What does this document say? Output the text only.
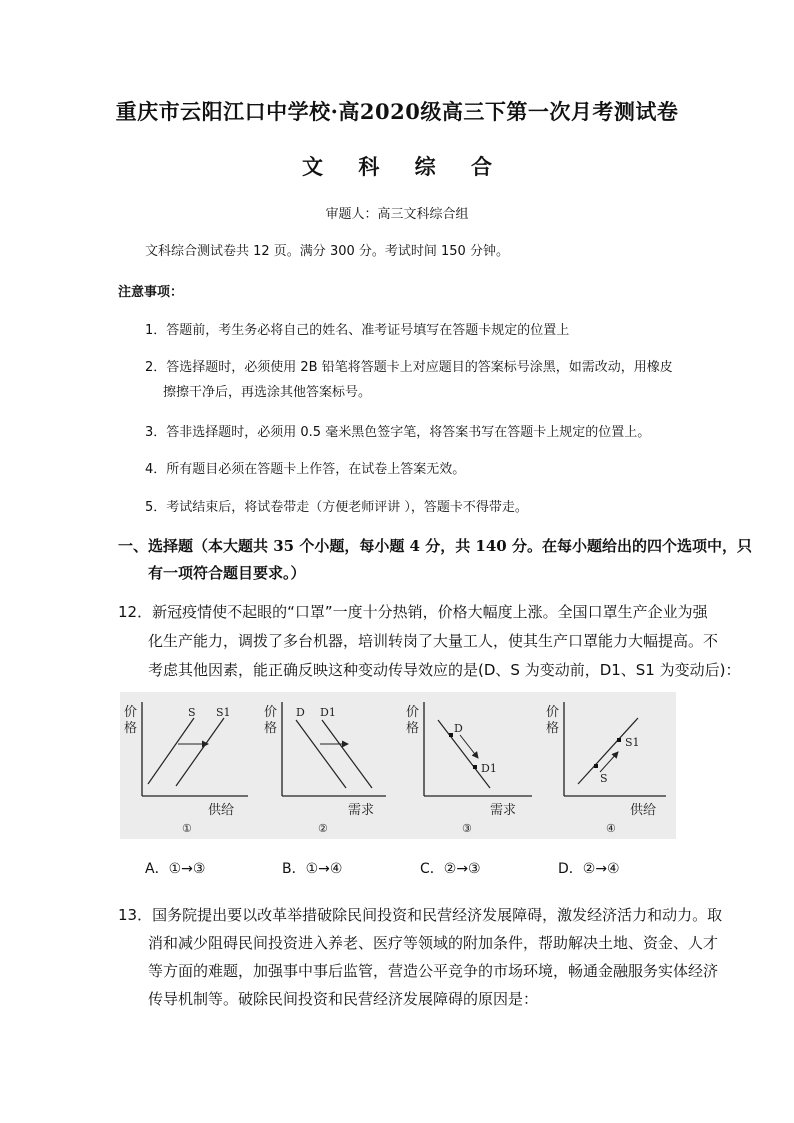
重庆市云阳江口中学校·高2020级高三下第一次月考测试卷
文 科 综 合
审题人：高三文科综合组
文科综合测试卷共 12 页。满分 300 分。考试时间 150 分钟。
注意事项：
1．答题前，考生务必将自己的姓名、准考证号填写在答题卡规定的位置上
2．答选择题时，必须使用 2B 铅笔将答题卡上对应题目的答案标号涂黑，如需改动，用橡皮
擦擦干净后，再选涂其他答案标号。
3．答非选择题时，必须用 0.5 毫米黑色签字笔，将答案书写在答题卡上规定的位置上。
4．所有题目必须在答题卡上作答，在试卷上答案无效。
5．考试结束后，将试卷带走（方便老师评讲 ），答题卡不得带走。
一、选择题（本大题共 35 个小题，每小题 4 分，共 140 分。在每小题给出的四个选项中，只
有一项符合题目要求。）
12．新冠疫情使不起眼的“口罩”一度十分热销，价格大幅度上涨。全国口罩生产企业为强
化生产能力，调拨了多台机器，培训转岗了大量工人，使其生产口罩能力大幅提高。不
考虑其他因素，能正确反映这种变动传导效应的是(D、S 为变动前，D1、S1 为变动后)：
价
格
S S1
供给
①
价
格
D D1
需求
②
价
格	D
D1
需求
③
价
格
S
S1
供给
④
A．①→③	B．①→④	C．②→③	D．②→④
13．国务院提出要以改革举措破除民间投资和民营经济发展障碍，激发经济活力和动力。取
消和减少阻碍民间投资进入养老、医疗等领域的附加条件，帮助解决土地、资金、人才
等方面的难题，加强事中事后监管，营造公平竞争的市场环境，畅通金融服务实体经济
传导机制等。破除民间投资和民营经济发展障碍的原因是：
